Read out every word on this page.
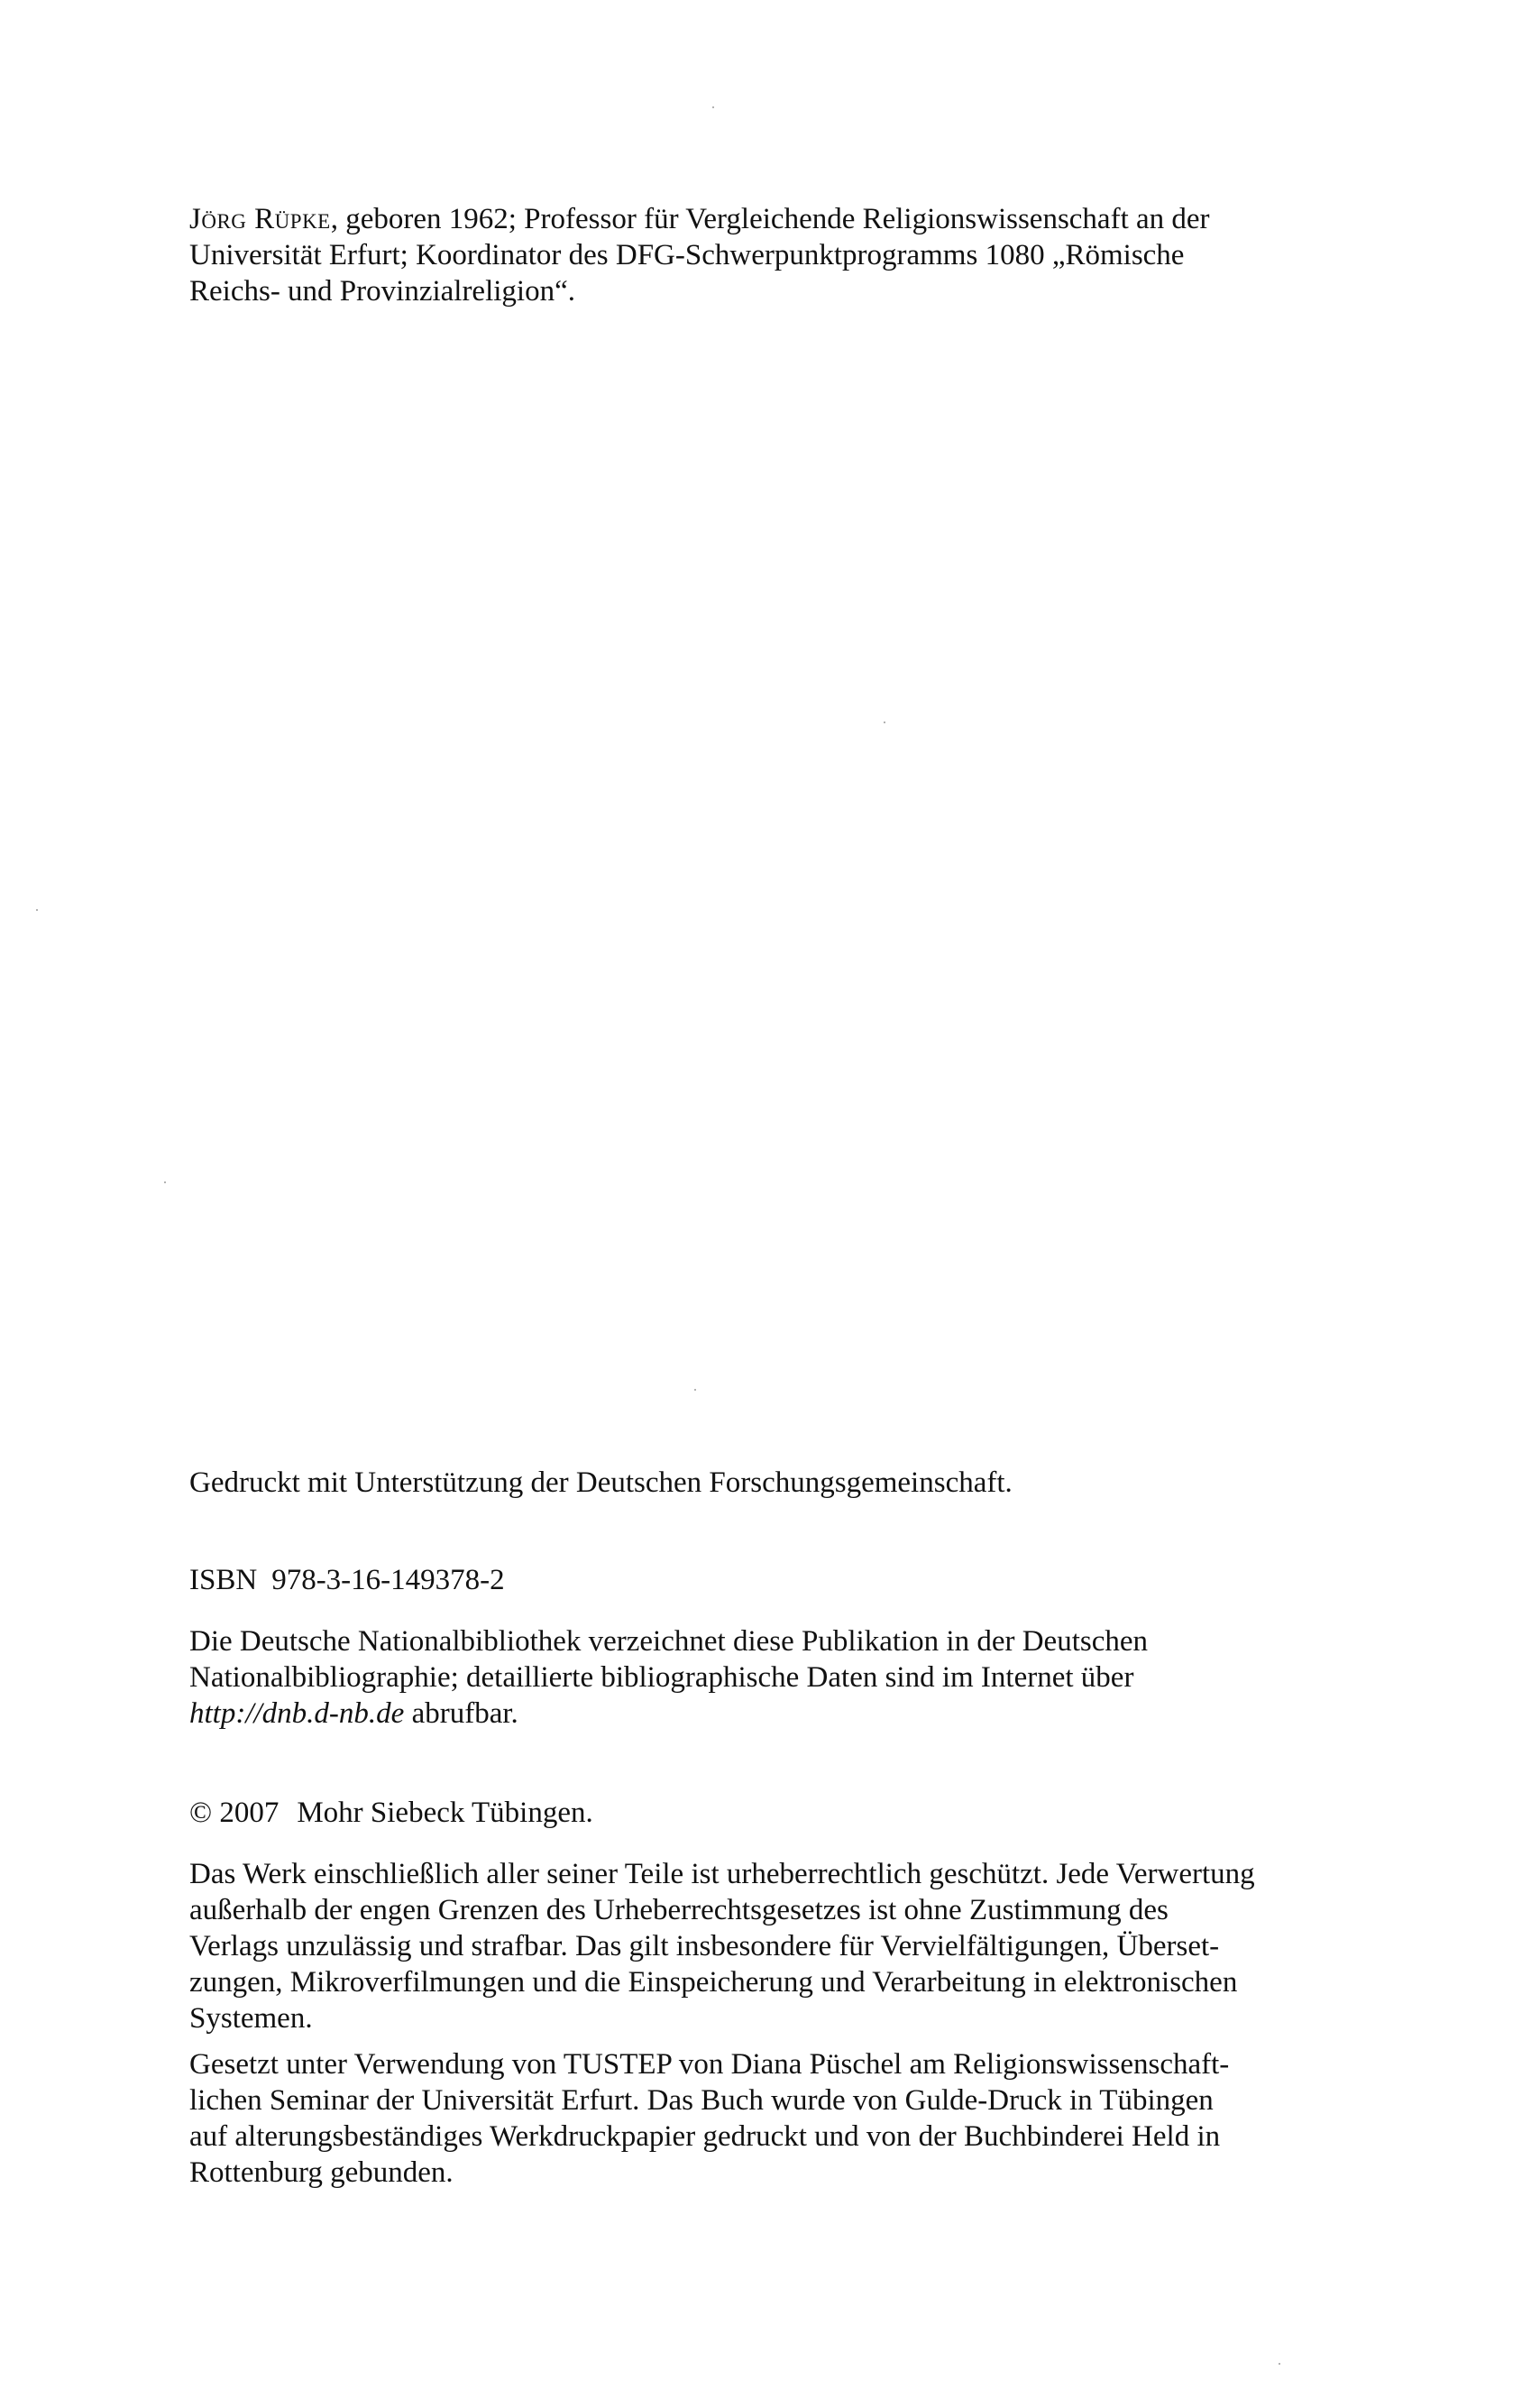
Jörg Rüpke, geboren 1962; Professor für Vergleichende Religionswissenschaft an der
Universität Erfurt; Koordinator des DFG-Schwerpunktprogramms 1080 „Römische
Reichs- und Provinzialreligion“.
Gedruckt mit Unterstützung der Deutschen Forschungsgemeinschaft.
ISBN 978-3-16-149378-2
Die Deutsche Nationalbibliothek verzeichnet diese Publikation in der Deutschen
Nationalbibliographie; detaillierte bibliographische Daten sind im Internet über
http://dnb.d-nb.de abrufbar.
© 2007 Mohr Siebeck Tübingen.
Das Werk einschließlich aller seiner Teile ist urheberrechtlich geschützt. Jede Verwertung
außerhalb der engen Grenzen des Urheberrechtsgesetzes ist ohne Zustimmung des
Verlags unzulässig und strafbar. Das gilt insbesondere für Vervielfältigungen, Überset-
zungen, Mikroverfilmungen und die Einspeicherung und Verarbeitung in elektronischen
Systemen.
Gesetzt unter Verwendung von TUSTEP von Diana Püschel am Religionswissenschaft-
lichen Seminar der Universität Erfurt. Das Buch wurde von Gulde-Druck in Tübingen
auf alterungsbeständiges Werkdruckpapier gedruckt und von der Buchbinderei Held in
Rottenburg gebunden.
